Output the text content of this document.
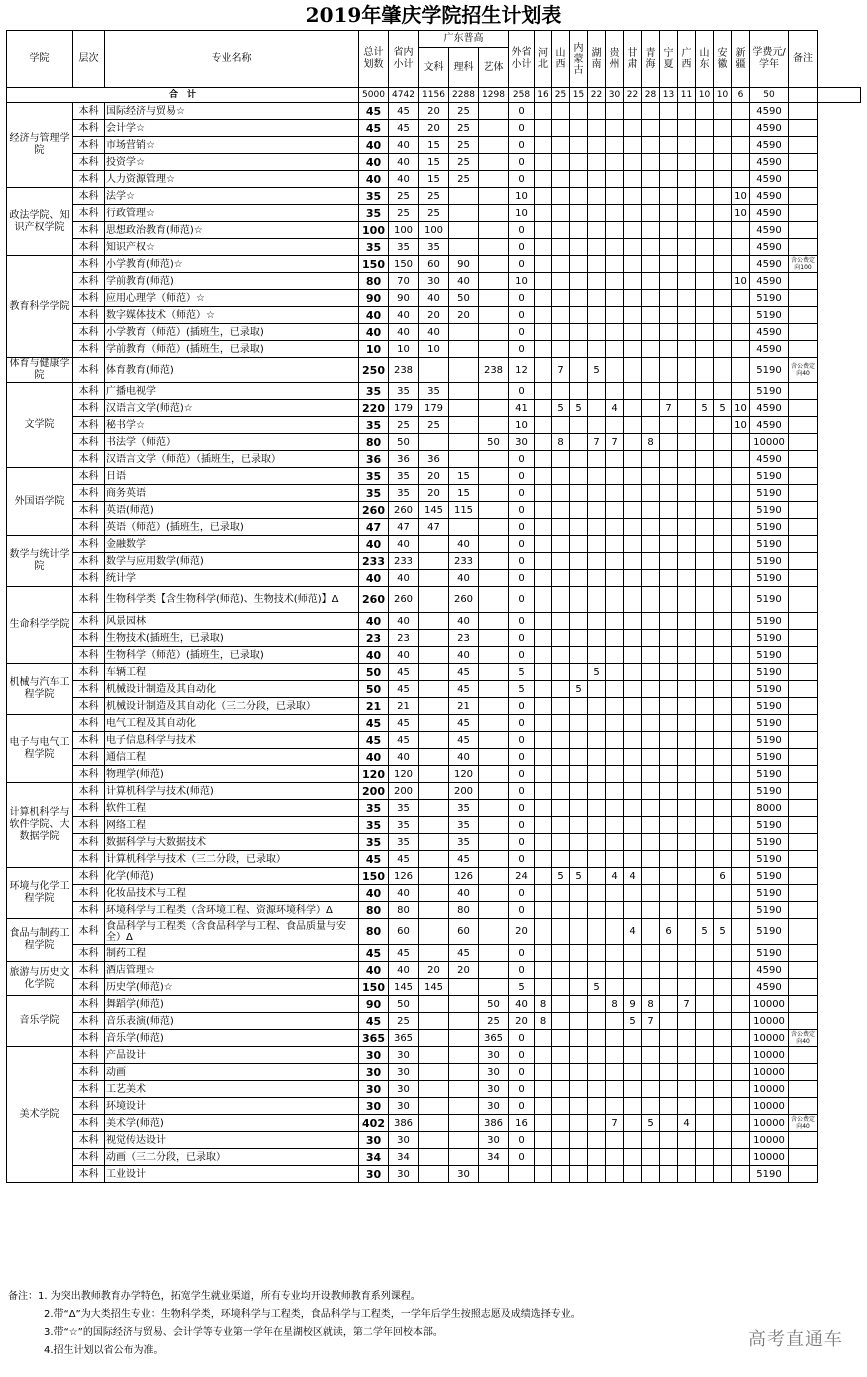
2019年肇庆学院招生计划表
学院	层次	专业名称	总计划数	省内小计	广东普高			外省小计	河北	山西	内蒙古	湖南	贵州	甘肃	青海	宁夏	广西	山东	安徽	新疆	学费元/学年	备注	
					文科	理科	艺体																
合　计			5000	4742	1156	2288	1298	258	16	25	15	22	30	22	28	13	11	10	10	6	50		
经济与管理学院	本科	国际经济与贸易☆	45	45	20	25		0													4590		
	本科	会计学☆	45	45	20	25		0													4590		
	本科	市场营销☆	40	40	15	25		0													4590		
	本科	投资学☆	40	40	15	25		0													4590		
	本科	人力资源管理☆	40	40	15	25		0													4590		
政法学院、知识产权学院	本科	法学☆	35	25	25			10												10	4590		
	本科	行政管理☆	35	25	25			10												10	4590		
	本科	思想政治教育(师范)☆	100	100	100			0													4590		
	本科	知识产权☆	35	35	35			0													4590		
教育科学学院	本科	小学教育(师范)☆	150	150	60	90		0													4590	含公费定向100	
	本科	学前教育(师范)	80	70	30	40		10												10	4590		
	本科	应用心理学（师范）☆	90	90	40	50		0													5190		
	本科	数字媒体技术（师范）☆	40	40	20	20		0													5190		
	本科	小学教育（师范）(插班生，已录取)	40	40	40			0													4590		
	本科	学前教育（师范）(插班生，已录取)	10	10	10			0													4590		
体育与健康学院	本科	体育教育(师范)	250	238			238	12		7		5									5190	含公费定向40	
文学院	本科	广播电视学	35	35	35			0													5190		
	本科	汉语言文学(师范)☆	220	179	179			41		5	5		4			7		5	5	10	4590		
	本科	秘书学☆	35	25	25			10												10	4590		
	本科	书法学（师范）	80	50			50	30		8		7	7		8						10000		
	本科	汉语言文学（师范）（插班生，已录取）	36	36	36			0													4590		
外国语学院	本科	日语	35	35	20	15		0													5190		
	本科	商务英语	35	35	20	15		0													5190		
	本科	英语(师范)	260	260	145	115		0													5190		
	本科	英语（师范）(插班生，已录取)	47	47	47			0													5190		
数学与统计学院	本科	金融数学	40	40		40		0													5190		
	本科	数学与应用数学(师范)	233	233		233		0													5190		
	本科	统计学	40	40		40		0													5190		
生命科学学院	本科	生物科学类【含生物科学(师范)、生物技术(师范)】Δ	260	260		260		0													5190		
	本科	风景园林	40	40		40		0													5190		
	本科	生物技术(插班生，已录取)	23	23		23		0													5190		
	本科	生物科学（师范）(插班生，已录取)	40	40		40		0													5190		
机械与汽车工程学院	本科	车辆工程	50	45		45		5				5									5190		
	本科	机械设计制造及其自动化	50	45		45		5			5										5190		
	本科	机械设计制造及其自动化（三二分段，已录取）	21	21		21		0													5190		
电子与电气工程学院	本科	电气工程及其自动化	45	45		45		0													5190		
	本科	电子信息科学与技术	45	45		45		0													5190		
	本科	通信工程	40	40		40		0													5190		
	本科	物理学(师范)	120	120		120		0													5190		
计算机科学与软件学院、大数据学院	本科	计算机科学与技术(师范)	200	200		200		0													5190		
	本科	软件工程	35	35		35		0													8000		
	本科	网络工程	35	35		35		0													5190		
	本科	数据科学与大数据技术	35	35		35		0													5190		
	本科	计算机科学与技术（三二分段，已录取）	45	45		45		0													5190		
环境与化学工程学院	本科	化学(师范)	150	126		126		24		5	5		4	4					6		5190		
	本科	化妆品技术与工程	40	40		40		0													5190		
	本科	环境科学与工程类（含环境工程、资源环境科学）Δ	80	80		80		0													5190		
食品与制药工程学院	本科	食品科学与工程类（含食品科学与工程、食品质量与安全）Δ	80	60		60		20						4		6		5	5		5190		
	本科	制药工程	45	45		45		0													5190		
旅游与历史文化学院	本科	酒店管理☆	40	40	20	20		0													4590		
	本科	历史学(师范)☆	150	145	145			5				5									4590		
音乐学院	本科	舞蹈学(师范)	90	50			50	40	8				8	9	8		7				10000		
	本科	音乐表演(师范)	45	25			25	20	8					5	7						10000		
	本科	音乐学(师范)	365	365			365	0													10000	含公费定向40	
美术学院	本科	产品设计	30	30			30	0													10000		
	本科	动画	30	30			30	0													10000		
	本科	工艺美术	30	30			30	0													10000		
	本科	环境设计	30	30			30	0													10000		
	本科	美术学(师范)	402	386			386	16					7		5		4				10000	含公费定向40	
	本科	视觉传达设计	30	30			30	0													10000		
	本科	动画（三二分段，已录取）	34	34			34	0													10000		
	本科	工业设计	30	30		30															5190		
备注：1. 为突出教师教育办学特色，拓宽学生就业渠道，所有专业均开设教师教育系列课程。
2.带“Δ”为大类招生专业：生物科学类，环境科学与工程类，食品科学与工程类，一学年后学生按照志愿及成绩选择专业。
3.带“☆”的国际经济与贸易、会计学等专业第一学年在星湖校区就读，第二学年回校本部。
4.招生计划以省公布为准。
高考直通车
